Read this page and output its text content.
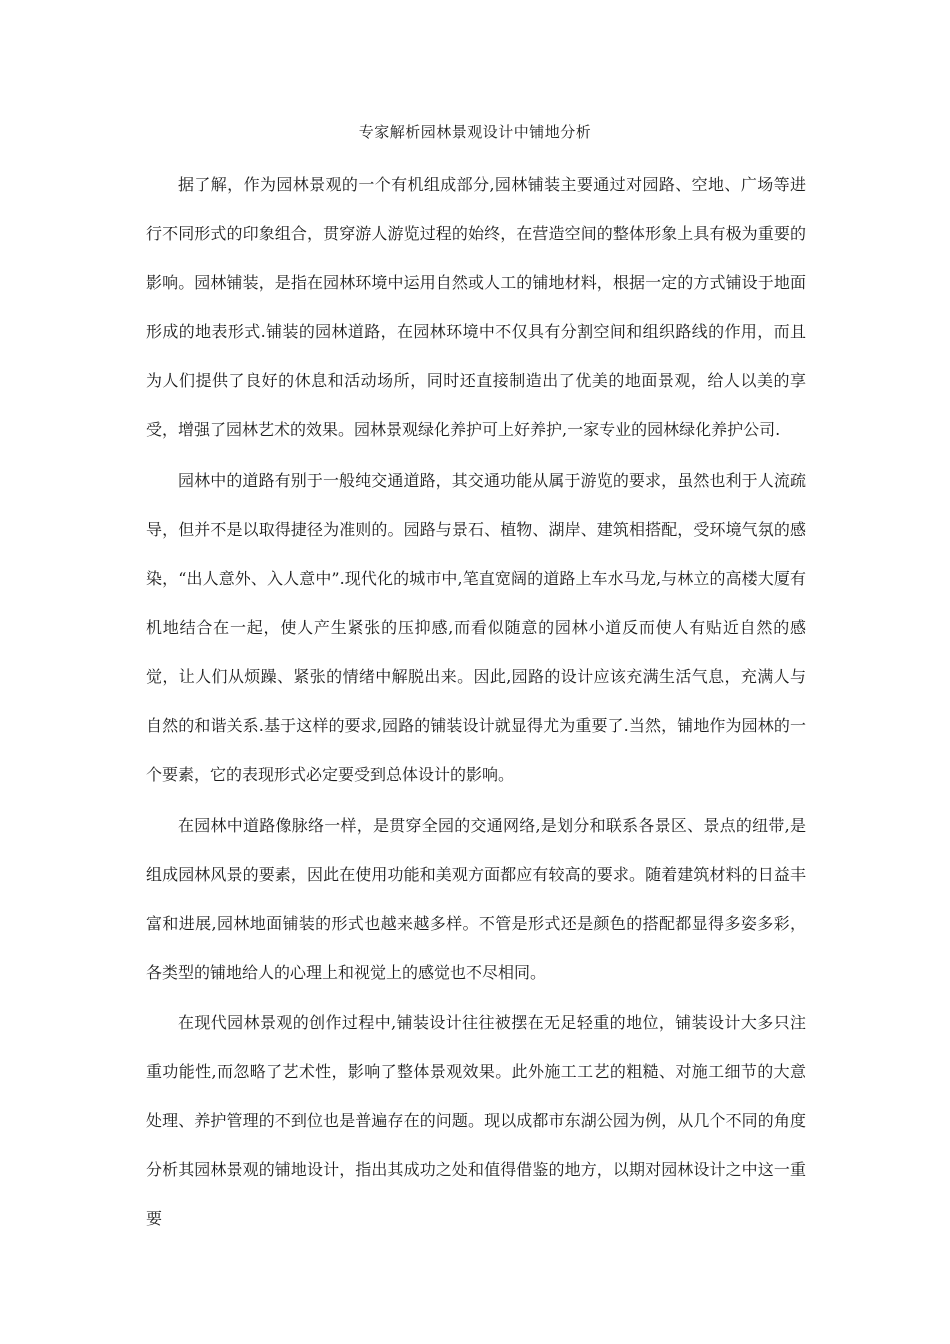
专家解析园林景观设计中铺地分析

据了解，作为园林景观的一个有机组成部分,园林铺装主要通过对园路、空地、广场等进行不同形式的印象组合，贯穿游人游览过程的始终，在营造空间的整体形象上具有极为重要的影响。园林铺装，是指在园林环境中运用自然或人工的铺地材料，根据一定的方式铺设于地面形成的地表形式.铺装的园林道路，在园林环境中不仅具有分割空间和组织路线的作用，而且为人们提供了良好的休息和活动场所，同时还直接制造出了优美的地面景观，给人以美的享受，增强了园林艺术的效果。园林景观绿化养护可上好养护,一家专业的园林绿化养护公司.

园林中的道路有别于一般纯交通道路，其交通功能从属于游览的要求，虽然也利于人流疏导，但并不是以取得捷径为准则的。园路与景石、植物、湖岸、建筑相搭配，受环境气氛的感染，“出人意外、入人意中”.现代化的城市中,笔直宽阔的道路上车水马龙,与林立的高楼大厦有机地结合在一起，使人产生紧张的压抑感,而看似随意的园林小道反而使人有贴近自然的感觉，让人们从烦躁、紧张的情绪中解脱出来。因此,园路的设计应该充满生活气息，充满人与自然的和谐关系.基于这样的要求,园路的铺装设计就显得尤为重要了.当然，铺地作为园林的一个要素，它的表现形式必定要受到总体设计的影响。

在园林中道路像脉络一样，是贯穿全园的交通网络,是划分和联系各景区、景点的纽带,是组成园林风景的要素，因此在使用功能和美观方面都应有较高的要求。随着建筑材料的日益丰富和进展,园林地面铺装的形式也越来越多样。不管是形式还是颜色的搭配都显得多姿多彩，各类型的铺地给人的心理上和视觉上的感觉也不尽相同。

在现代园林景观的创作过程中,铺装设计往往被摆在无足轻重的地位，铺装设计大多只注重功能性,而忽略了艺术性，影响了整体景观效果。此外施工工艺的粗糙、对施工细节的大意处理、养护管理的不到位也是普遍存在的问题。现以成都市东湖公园为例，从几个不同的角度分析其园林景观的铺地设计，指出其成功之处和值得借鉴的地方，以期对园林设计之中这一重要
